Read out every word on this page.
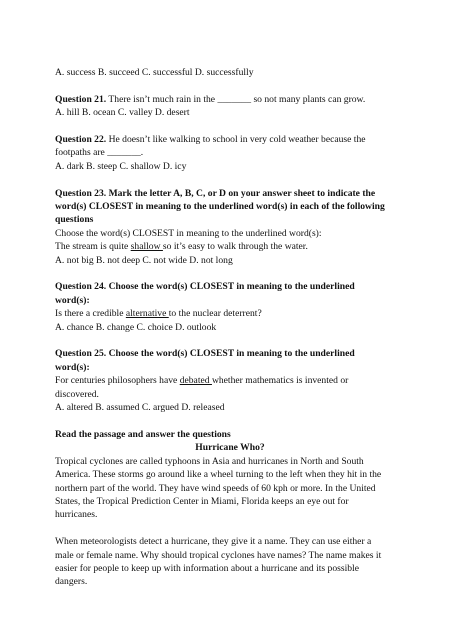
A. success B. succeed C. successful D. successfully
Question 21. There isn’t much rain in the _______ so not many plants can grow.
A. hill B. ocean C. valley D. desert
Question 22. He doesn’t like walking to school in very cold weather because the
footpaths are _______.
A. dark B. steep C. shallow D. icy
Question 23. Mark the letter A, B, C, or D on your answer sheet to indicate the
word(s) CLOSEST in meaning to the underlined word(s) in each of the following
questions
Choose the word(s) CLOSEST in meaning to the underlined word(s):
The stream is quite shallow so it’s easy to walk through the water.
A. not big B. not deep C. not wide D. not long
Question 24. Choose the word(s) CLOSEST in meaning to the underlined
word(s):
Is there a credible alternative to the nuclear deterrent?
A. chance B. change C. choice D. outlook
Question 25. Choose the word(s) CLOSEST in meaning to the underlined
word(s):
For centuries philosophers have debated whether mathematics is invented or
discovered.
A. altered B. assumed C. argued D. released
Read the passage and answer the questions
Hurricane Who?
Tropical cyclones are called typhoons in Asia and hurricanes in North and South
America. These storms go around like a wheel turning to the left when they hit in the
northern part of the world. They have wind speeds of 60 kph or more. In the United
States, the Tropical Prediction Center in Miami, Florida keeps an eye out for
hurricanes.
When meteorologists detect a hurricane, they give it a name. They can use either a
male or female name. Why should tropical cyclones have names? The name makes it
easier for people to keep up with information about a hurricane and its possible
dangers.
